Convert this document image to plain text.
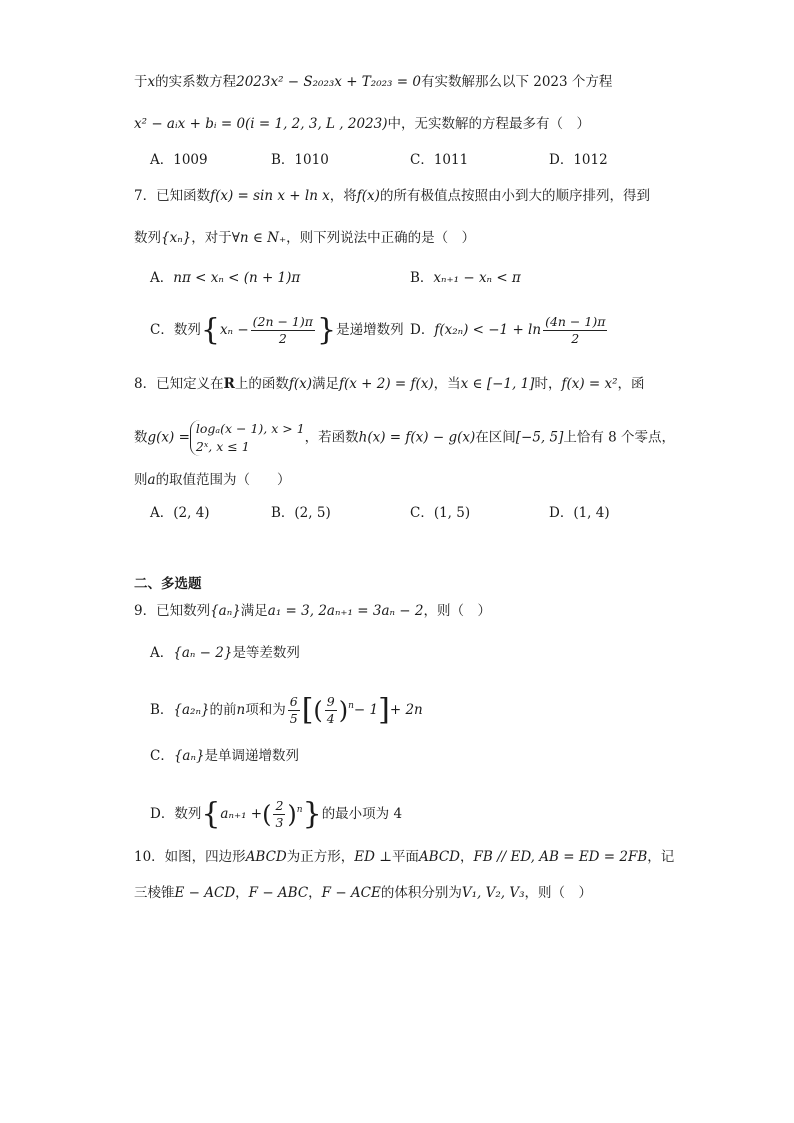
于x的实系数方程2023x² − S₂₀₂₃x + T₂₀₂₃ = 0有实数解那么以下 2023 个方程
x² − aᵢx + bᵢ = 0(i = 1, 2, 3, L , 2023)中，无实数解的方程最多有（　）
A．1009	B．1010	C．1011	D．1012
7．已知函数f(x) = sin x + ln x，将f(x)的所有极值点按照由小到大的顺序排列，得到
数列{xₙ}，对于∀n ∈ N₊，则下列说法中正确的是（　）
A．nπ < xₙ < (n + 1)π	B．xₙ₊₁ − xₙ < π
C．数列{$x_n - \frac{(2n - 1)\pi}{2}$ }是递增数列 D．$f(x_{2n}) < -1 + \ln \frac{(4n - 1)\pi}{2}$
8．已知定义在R上的函数f(x)满足f(x + 2) = f(x)，当x ∈ [−1, 1]时，f(x) = x²，函
数g(x) =
logₐ(x − 1), x > 1
2ˣ, x ≤ 1
，若函数h(x) = f(x) − g(x)在区间[−5, 5]上恰有 8 个零点，
则a的取值范围为（　　）
A．(2, 4)	B．(2, 5)	C．(1, 5)	D．(1, 4)
二、多选题
9．已知数列{aₙ}满足a₁ = 3, 2aₙ₊₁ = 3aₙ − 2，则（　）
A．{aₙ − 2}是等差数列
B．{a₂ₙ}的前n项和为 $\frac{6}{5}$ [( $\frac{9}{4} )^n- 1]+ 2n$
C．{aₙ}是单调递增数列
D．数列{aₙ₊₁ +( $\frac{2}{3} )^n$}的最小项为 4
10．如图，四边形ABCD为正方形，ED ⊥平面ABCD，FB // ED, AB = ED = 2FB，记
三棱锥E − ACD，F − ABC，F − ACE的体积分别为V₁, V₂, V₃，则（　）
